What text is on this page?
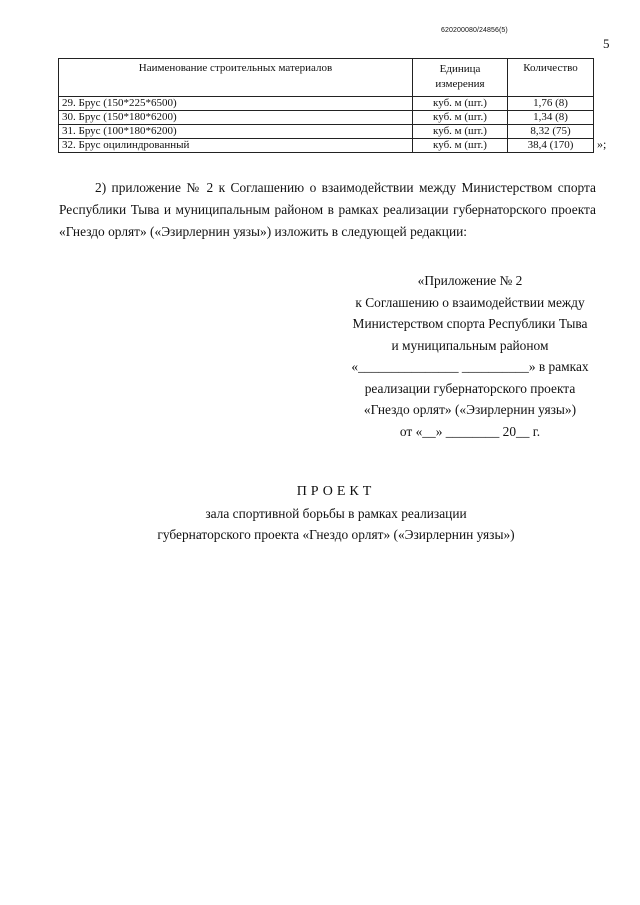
620200080/24856(5)
5
Наименование строительных материалов	Единица измерения	Количество
29. Брус (150*225*6500)	куб. м (шт.)	1,76 (8)
30. Брус (150*180*6200)	куб. м (шт.)	1,34 (8)
31. Брус (100*180*6200)	куб. м (шт.)	8,32 (75)
32. Брус оцилиндрованный	куб. м (шт.)	38,4 (170) »;
2) приложение № 2 к Соглашению о взаимодействии между Министерством спорта Республики Тыва и муниципальным районом в рамках реализации губернаторского проекта «Гнездо орлят» («Эзирлернин уязы») изложить в следующей редакции:
«Приложение № 2
к Соглашению о взаимодействии между
Министерством спорта Республики Тыва
и муниципальным районом
«_______________ __________» в рамках
реализации губернаторского проекта
«Гнездо орлят» («Эзирлернин уязы»)
от «__» ________ 20__ г.
ПРОЕКТ
зала спортивной борьбы в рамках реализации
губернаторского проекта «Гнездо орлят» («Эзирлернин уязы»)
